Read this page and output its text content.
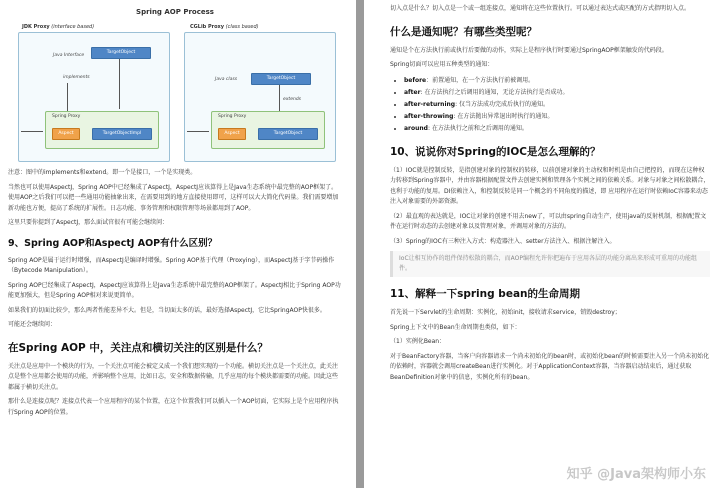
Spring AOP Process
JDK Proxy (interface based)	CGLib Proxy (class based)
Java Interface
TargetObject
implements
Spring Proxy
Aspect	TargetObjectImpl
Java class	TargetObject
extends
Spring Proxy
Aspect	TargetObject

注意：图中的implements和extend。即一个是接口，一个是实现类。

当然也可以使用AspectJ，Spring AOP中已经集成了AspectJ，AspectJ应该算得上是Java生态系统中最完整的AOP框架了。使用AOP之后我们可以把一些通用功能抽象出来，在需要用到的地方直接使用即可，这样可以大大简化代码量。我们需要增加新功能也方便，提高了系统的扩展性。日志功能、事务管理和权限管理等场景都用到了AOP。

这里只要你提到了AspectJ，那么面试官很有可能会继续问：

9、Spring AOP和AspectJ AOP有什么区别？

Spring AOP是属于运行时增强，而AspectJ是编译时增强。Spring AOP基于代理（Proxying），而AspectJ基于字节码操作（Bytecode Manipulation）。

Spring AOP已经集成了AspectJ，AspectJ应该算得上是Java生态系统中最完整的AOP框架了。AspectJ相比于Spring AOP功能更加强大，但是Spring AOP相对来说更简单。

如果我们的切面比较少，那么两者性能差异不大。但是，当切面太多的话，最好选择AspectJ，它比SpringAOP快很多。

可能还会继续问：

在Spring AOP 中，关注点和横切关注的区别是什么？

关注点是应用中一个模块的行为，一个关注点可能会被定义成一个我们想实现的一个功能。横切关注点是一个关注点，此关注点是整个应用都会使用的功能，并影响整个应用，比如日志，安全和数据传输，几乎应用的每个模块都需要的功能。因此这些都属于横切关注点。

那什么是连接点呢？连接点代表一个应用程序的某个位置，在这个位置我们可以插入一个AOP切面，它实际上是个应用程序执行Spring AOP的位置。

切入点是什么？切入点是一个或一组连接点，通知将在这些位置执行。可以通过表达式或匹配的方式指明切入点。

什么是通知呢？有哪些类型呢？

通知是个在方法执行前或执行后要做的动作，实际上是程序执行时要通过SpringAOP框架触发的代码段。

Spring切面可以应用五种类型的通知：

• before：前置通知，在一个方法执行前被调用。
• after: 在方法执行之后调用的通知，无论方法执行是否成功。
• after-returning: 仅当方法成功完成后执行的通知。
• after-throwing: 在方法抛出异常退出时执行的通知。
• around: 在方法执行之前和之后调用的通知。
10、说说你对Spring的IOC是怎么理解的？

（1）IOC就是控制反转，是指创建对象的控制权的转移，以前创建对象的主动权和时机是由自己把控的，而现在这种权力转移到Spring容器中，并由容器根据配置文件去创建实例和管理各个实例之间的依赖关系。对象与对象之间松散耦合，也利于功能的复用。DI依赖注入，和控制反转是同一个概念的不同角度的描述，即 应用程序在运行时依赖IoC容器来动态注入对象需要的外部资源。

（2）最直观的表达就是，IOC让对象的创建不用去new了，可以由spring自动生产，使用java的反射机制，根据配置文件在运行时动态的去创建对象以及管理对象，并调用对象的方法的。

（3）Spring的IOC有三种注入方式：构造器注入、setter方法注入、根据注解注入。

IoC让相互协作的组件保持松散的耦合，而AOP编程允许你把遍布于应用各层的功能分离出来形成可重用的功能组件。
11、解释一下spring bean的生命周期

首先说一下Servlet的生命周期：实例化，初始init，接收请求service，销毁destroy；

Spring上下文中的Bean生命周期也类似，如下：

（1）实例化Bean：

对于BeanFactory容器，当客户向容器请求一个尚未初始化的bean时，或初始化bean的时候需要注入另一个尚未初始化的依赖时，容器就会调用createBean进行实例化。对于ApplicationContext容器，当容器启动结束后，通过获取BeanDefinition对象中的信息，实例化所有的bean。

知乎 @Java架构师小东
